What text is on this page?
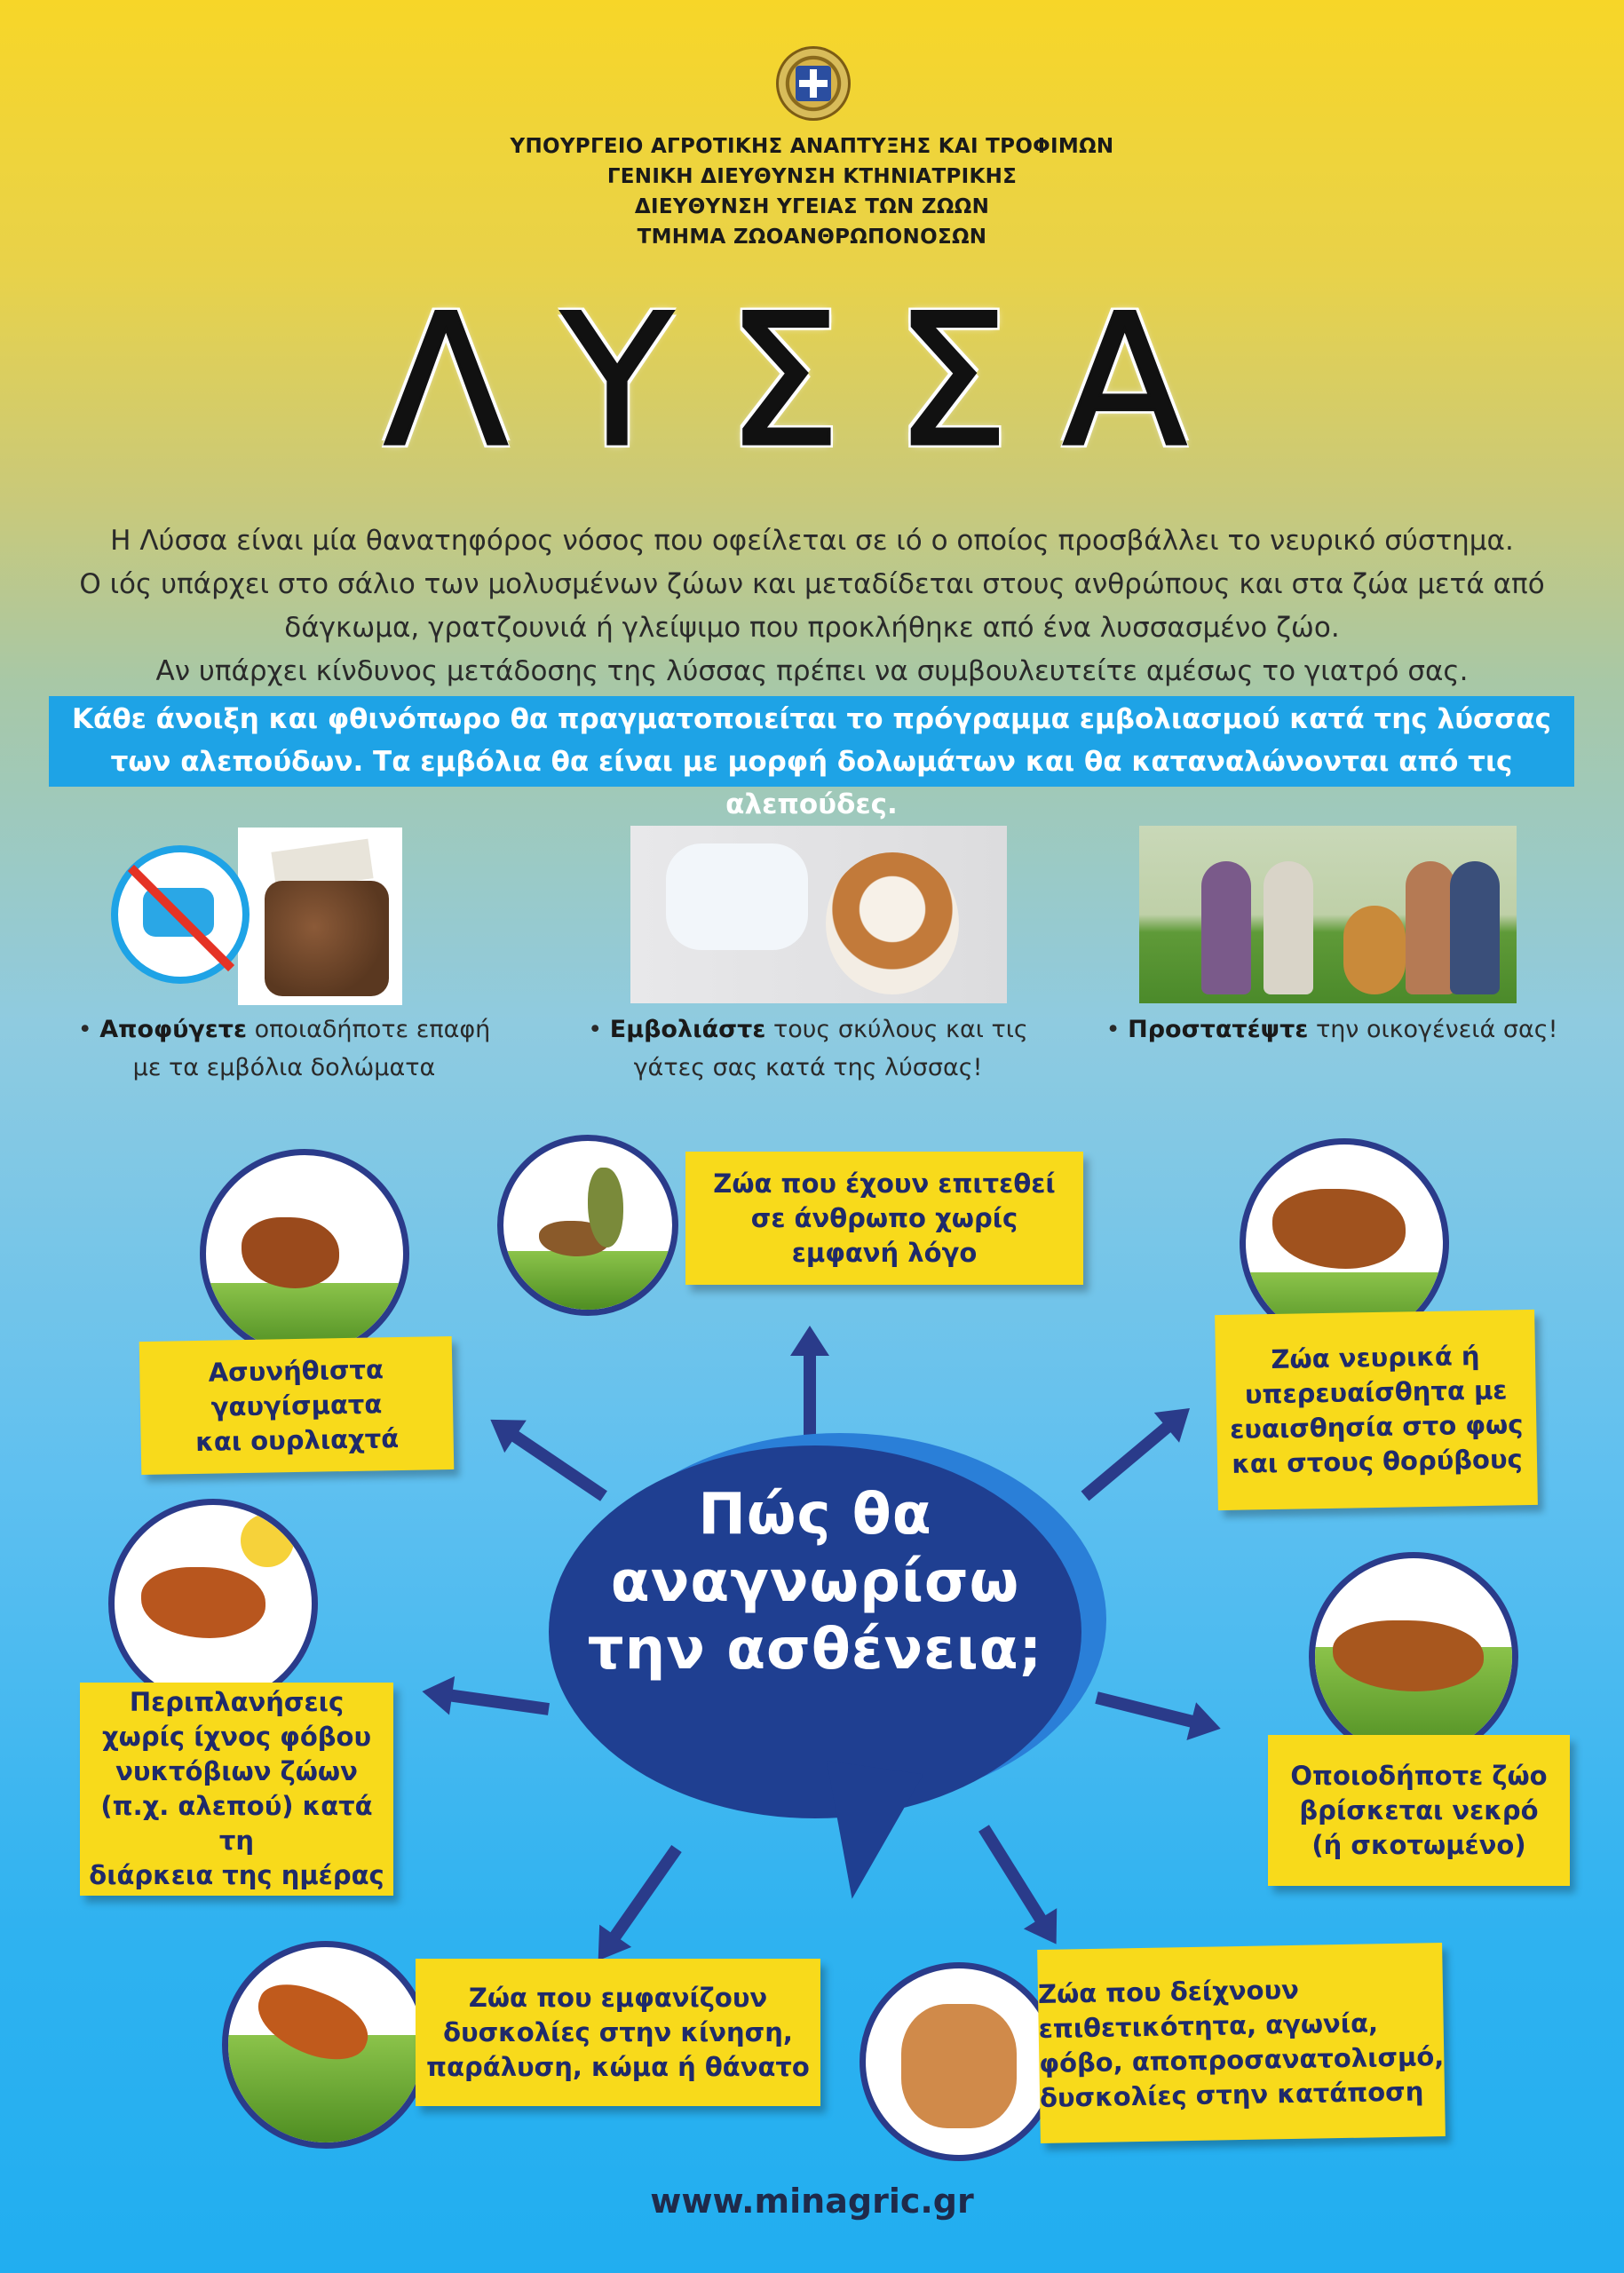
ΥΠΟΥΡΓΕΙΟ ΑΓΡΟΤΙΚΗΣ ΑΝΑΠΤΥΞΗΣ ΚΑΙ ΤΡΟΦΙΜΩΝ
ΓΕΝΙΚΗ ΔΙΕΥΘΥΝΣΗ ΚΤΗΝΙΑΤΡΙΚΗΣ
ΔΙΕΥΘΥΝΣΗ ΥΓΕΙΑΣ ΤΩΝ ΖΩΩΝ
ΤΜΗΜΑ ΖΩΟΑΝΘΡΩΠΟΝΟΣΩΝ
ΛΥΣΣΑ
Η Λύσσα είναι μία θανατηφόρος νόσος που οφείλεται σε ιό ο οποίος προσβάλλει το νευρικό σύστημα.
Ο ιός υπάρχει στο σάλιο των μολυσμένων ζώων και μεταδίδεται στους ανθρώπους και στα ζώα μετά από
δάγκωμα, γρατζουνιά ή γλείψιμο που προκλήθηκε από ένα λυσσασμένο ζώο.
Αν υπάρχει κίνδυνος μετάδοσης της λύσσας πρέπει να συμβουλευτείτε αμέσως το γιατρό σας.
Κάθε άνοιξη και φθινόπωρο θα πραγματοποιείται το πρόγραμμα εμβολιασμού κατά της λύσσας
των αλεπούδων. Τα εμβόλια θα είναι με μορφή δολωμάτων και θα καταναλώνονται από τις αλεπούδες.
• Αποφύγετε οποιαδήποτε επαφή
με τα εμβόλια δολώματα
• Εμβολιάστε τους σκύλους και τις
γάτες σας κατά της λύσσας!
• Προστατέψτε την οικογένειά σας!
Πώς θα
αναγνωρίσω
την ασθένεια;
Ζώα που έχουν επιτεθεί
σε άνθρωπο χωρίς
εμφανή λόγο
Ασυνήθιστα
γαυγίσματα
και ουρλιαχτά
Ζώα νευρικά ή
υπερευαίσθητα με
ευαισθησία στο φως
και στους θορύβους
Περιπλανήσεις
χωρίς ίχνος φόβου
νυκτόβιων ζώων
(π.χ. αλεπού) κατά τη
διάρκεια της ημέρας
Οποιοδήποτε ζώο
βρίσκεται νεκρό
(ή σκοτωμένο)
Ζώα που εμφανίζουν
δυσκολίες στην κίνηση,
παράλυση, κώμα ή θάνατο
Ζώα που δείχνουν
επιθετικότητα, αγωνία,
φόβο, αποπροσανατολισμό,
δυσκολίες στην κατάποση
www.minagric.gr
